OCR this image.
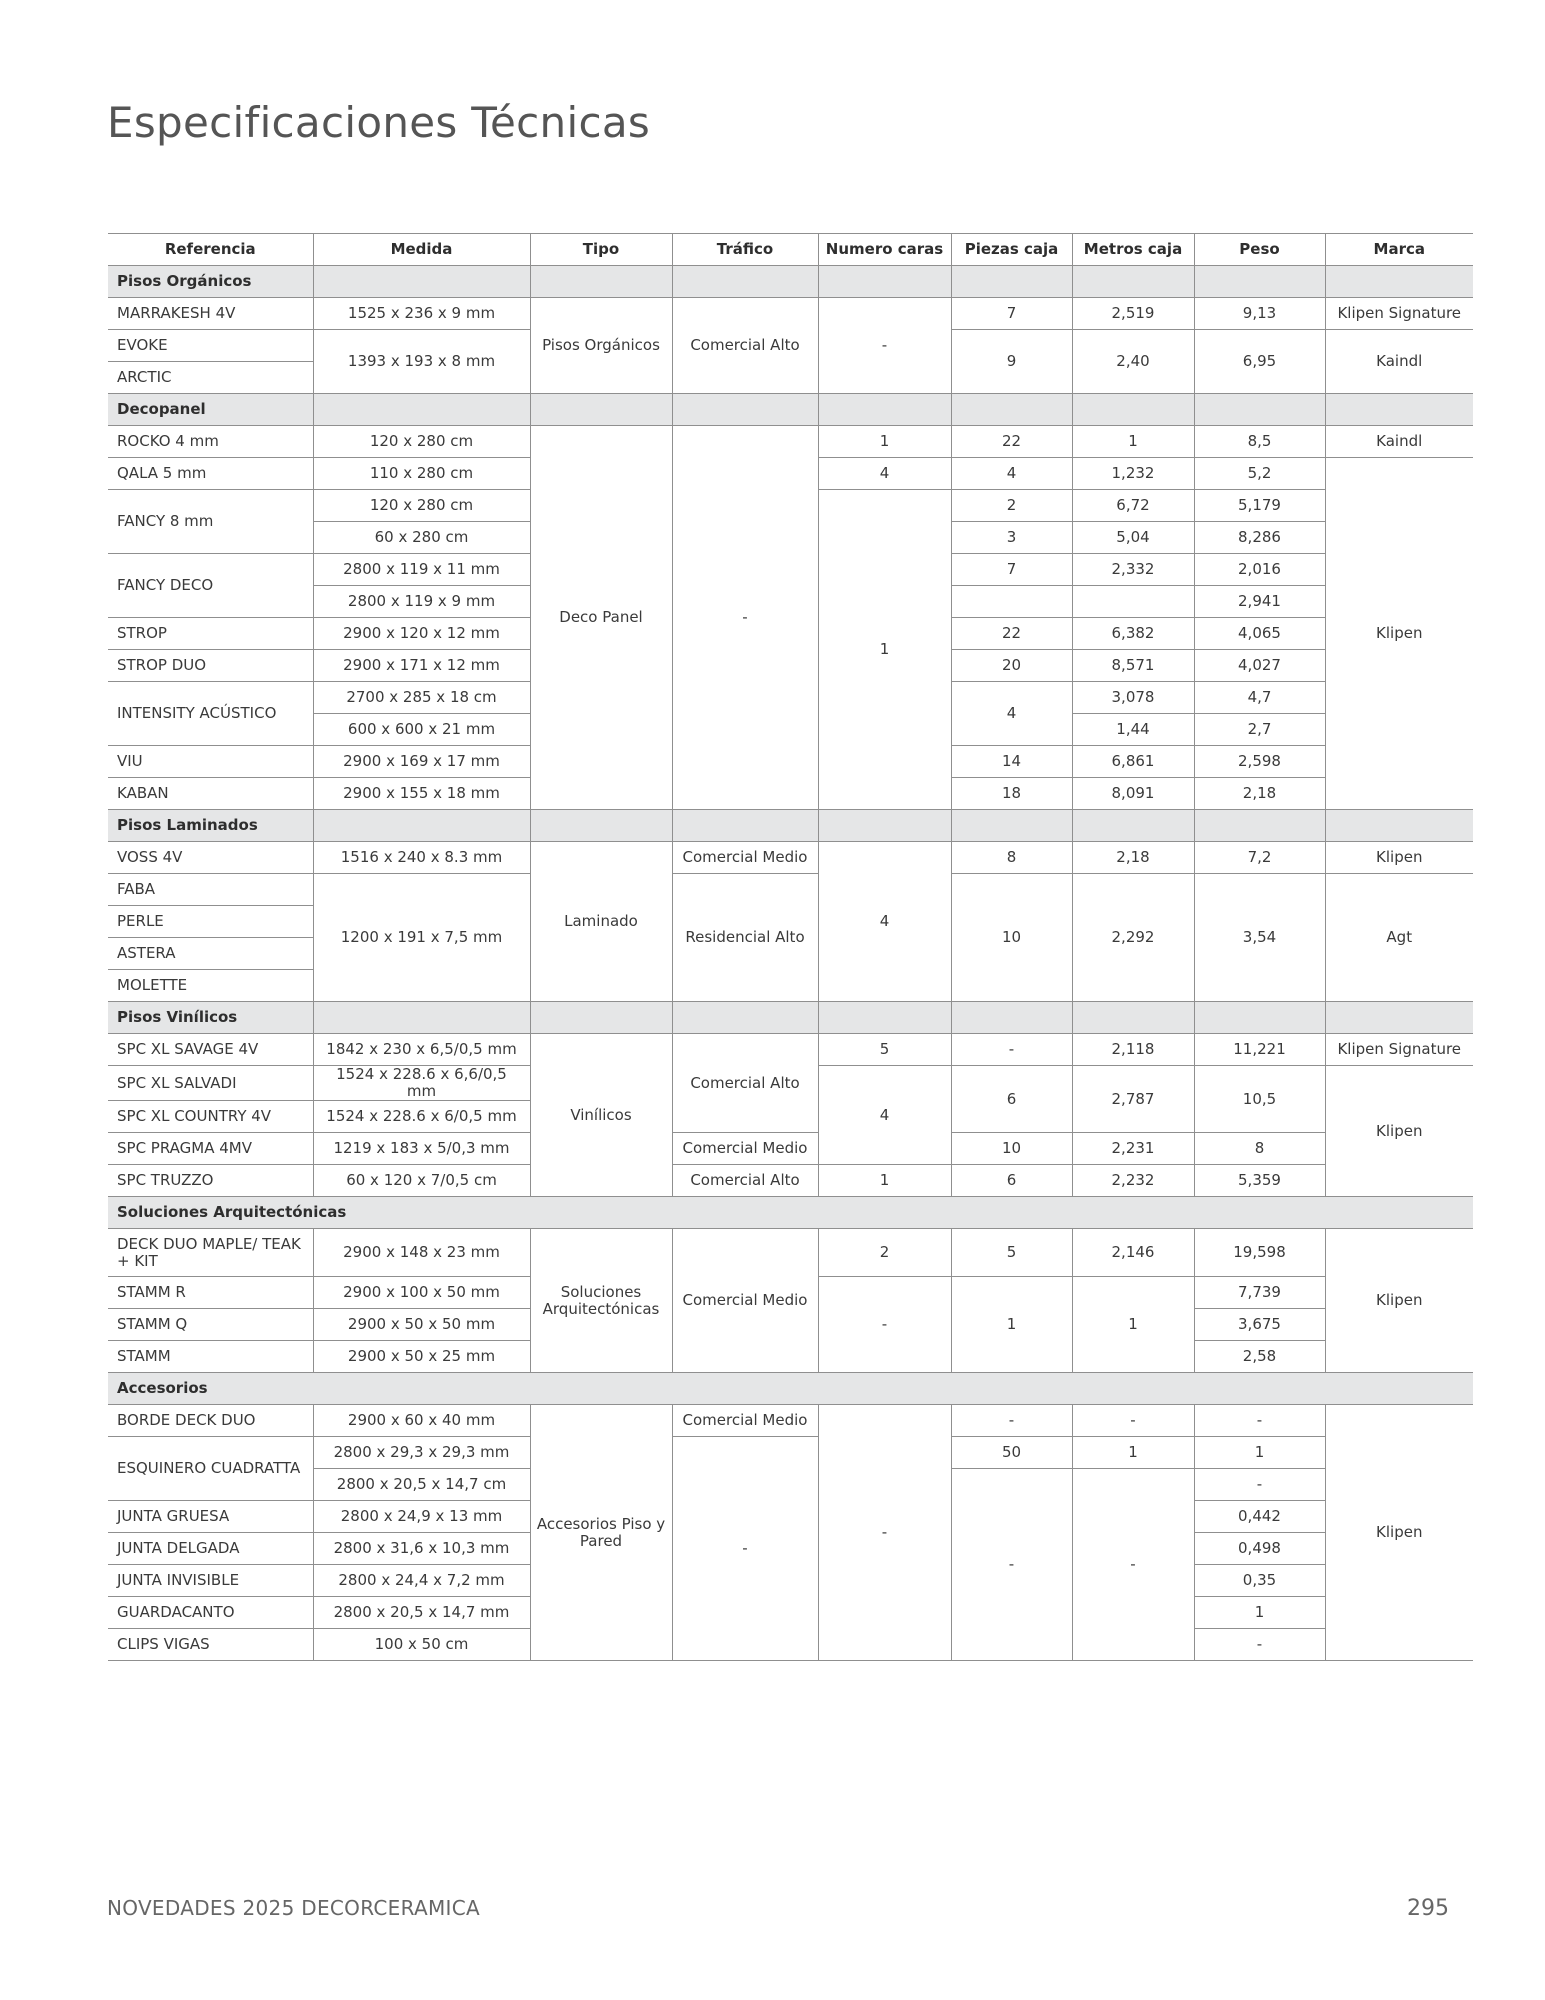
Especificaciones Técnicas
Referencia	Medida	Tipo	Tráfico	Numero caras	Piezas caja	Metros caja	Peso	Marca
Pisos Orgánicos								
MARRAKESH 4V	1525 x 236 x 9 mm	Pisos Orgánicos	Comercial Alto	-	7	2,519	9,13	Klipen Signature
EVOKE	1393 x 193 x 8 mm				9	2,40	6,95	Kaindl
ARCTIC								
Decopanel								
ROCKO 4 mm	120 x 280 cm	Deco Panel	-	1	22	1	8,5	Kaindl
QALA 5 mm	110 x 280 cm			4	4	1,232	5,2	Klipen
FANCY 8 mm	120 x 280 cm			1	2	6,72	5,179	
	60 x 280 cm				3	5,04	8,286	
FANCY DECO	2800 x 119 x 11 mm				7	2,332	2,016	
	2800 x 119 x 9 mm						2,941	
STROP	2900 x 120 x 12 mm				22	6,382	4,065	
STROP DUO	2900 x 171 x 12 mm				20	8,571	4,027	
INTENSITY ACÚSTICO	2700 x 285 x 18 cm				4	3,078	4,7	
	600 x 600 x 21 mm					1,44	2,7	
VIU	2900 x 169 x 17 mm				14	6,861	2,598	
KABAN	2900 x 155 x 18 mm				18	8,091	2,18	
Pisos Laminados								
VOSS 4V	1516 x 240 x 8.3 mm	Laminado	Comercial Medio	4	8	2,18	7,2	Klipen
FABA	1200 x 191 x 7,5 mm		Residencial Alto		10	2,292	3,54	Agt
PERLE								
ASTERA								
MOLETTE								
Pisos Vinílicos								
SPC XL SAVAGE 4V	1842 x 230 x 6,5/0,5 mm	Vinílicos	Comercial Alto	5	-	2,118	11,221	Klipen Signature
SPC XL SALVADI	1524 x 228.6 x 6,6/0,5 mm			4	6	2,787	10,5	Klipen
SPC XL COUNTRY 4V	1524 x 228.6 x 6/0,5 mm							
SPC PRAGMA 4MV	1219 x 183 x 5/0,3 mm		Comercial Medio		10	2,231	8	
SPC TRUZZO	60 x 120 x 7/0,5 cm		Comercial Alto	1	6	2,232	5,359	
Soluciones Arquitectónicas								
DECK DUO MAPLE/ TEAK + KIT	2900 x 148 x 23 mm	Soluciones Arquitectónicas	Comercial Medio	2	5	2,146	19,598	Klipen
STAMM R	2900 x 100 x 50 mm			-	1	1	7,739	
STAMM Q	2900 x 50 x 50 mm						3,675	
STAMM	2900 x 50 x 25 mm						2,58	
Accesorios								
BORDE DECK DUO	2900 x 60 x 40 mm	Accesorios Piso y Pared	Comercial Medio	-	-	-	-	Klipen
ESQUINERO CUADRATTA	2800 x 29,3 x 29,3 mm		-		50	1	1	
	2800 x 20,5 x 14,7 cm				-	-	-	
JUNTA GRUESA	2800 x 24,9 x 13 mm						0,442	
JUNTA DELGADA	2800 x 31,6 x 10,3 mm						0,498	
JUNTA INVISIBLE	2800 x 24,4 x 7,2 mm						0,35	
GUARDACANTO	2800 x 20,5 x 14,7 mm						1	
CLIPS VIGAS	100 x 50 cm						-	
NOVEDADES 2025 DECORCERAMICA	295
